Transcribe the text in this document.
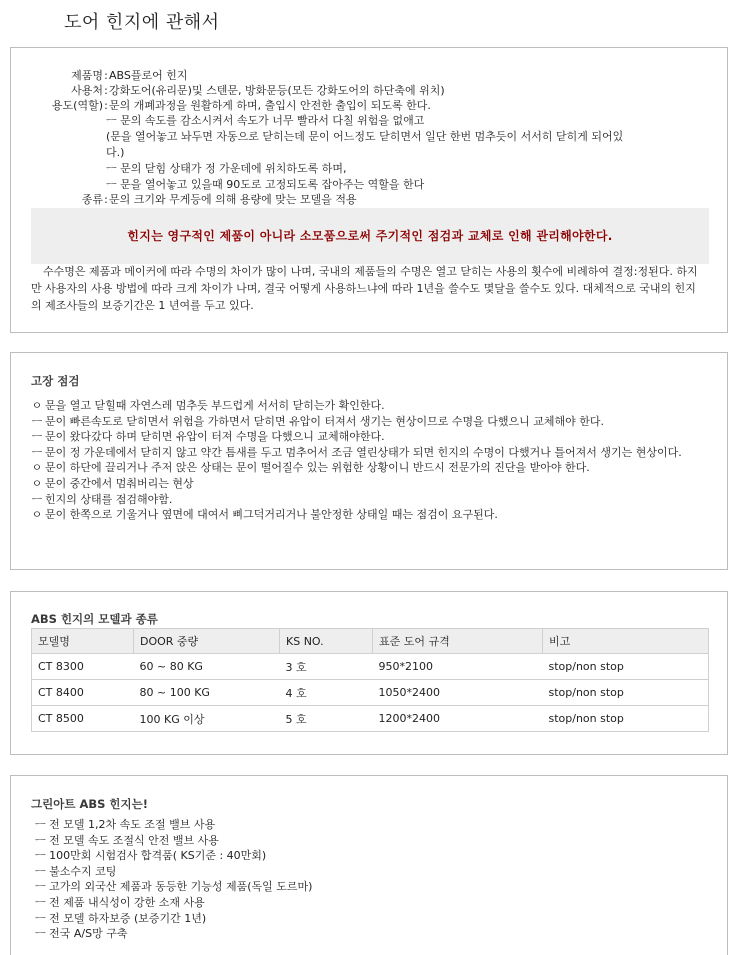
도어 힌지에 관해서
제품명:ABS플로어 힌지
사용처:강화도어(유리문)및 스텐문, 방화문등(모든 강화도어의 하단축에 위치)
용도(역할):문의 개폐과정을 원활하게 하며, 출입시 안전한 출입이 되도록 한다.
ㅡ 문의 속도를 감소시켜서 속도가 너무 빨라서 다칠 위험을 없애고
(문을 열어놓고 놔두면 자동으로 닫히는데 문이 어느정도 닫히면서 일단 한번 멈추듯이 서서히 닫히게 되어있
다.)
ㅡ 문의 닫힘 상태가 정 가운데에 위치하도록 하며,
ㅡ 문을 열어놓고 있을때 90도로 고정되도록 잡아주는 역할을 한다
종류:문의 크기와 무게등에 의해 용량에 맞는 모델을 적용
힌지는 영구적인 제품이 아니라 소모품으로써 주기적인 점검과 교체로 인해 관리해야한다.
수수명은 제품과 메이커에 따라 수명의 차이가 많이 나며, 국내의 제품들의 수명은 열고 닫히는 사용의 횟수에 비례하여 결정:정된다. 하지만 사용자의 사용 방법에 따라 크게 차이가 나며, 결국 어떻게 사용하느냐에 따라 1년을 쓸수도 몇달을 쓸수도 있다. 대체적으로 국내의 힌지의 제조사들의 보증기간은 1 년여를 두고 있다.
고장 점검
ㅇ 문을 열고 닫힐때 자연스레 멈추듯 부드럽게 서서히 닫히는가 확인한다.
ㅡ 문이 빠른속도로 닫히면서 위험을 가하면서 닫히면 유압이 터져서 생기는 현상이므로 수명을 다했으니 교체해야 한다.
ㅡ 문이 왔다갔다 하며 닫히면 유압이 터져 수명을 다했으니 교체해야한다.
ㅡ 문이 정 가운데에서 닫히지 않고 약간 틈새를 두고 멈추어서 조금 열린상태가 되면 힌지의 수명이 다했거나 틀어져서 생기는 현상이다.
ㅇ 문이 하단에 끌리거나 주저 앉은 상태는 문이 떨어질수 있는 위험한 상황이니 반드시 전문가의 진단을 받아야 한다.
ㅇ 문이 중간에서 멈춰버리는 현상
ㅡ 힌지의 상태를 점검해야함.
ㅇ 문이 한쪽으로 기울거나 옆면에 대여서 삐그덕거리거나 불안정한 상태일 때는 점검이 요구된다.
ABS 힌지의 모델과 종류
모델명	DOOR 중량	KS NO.	표준 도어 규격	비고
CT 8300	60 ~ 80 KG	3 호	950*2100	stop/non stop
CT 8400	80 ~ 100 KG	4 호	1050*2400	stop/non stop
CT 8500	100 KG 이상	5 호	1200*2400	stop/non stop
그린아트 ABS 힌지는!
ㅡ 전 모델 1,2차 속도 조절 밸브 사용
ㅡ 전 모델 속도 조절식 안전 밸브 사용
ㅡ 100만회 시험검사 합격품( KS기준 : 40만회)
ㅡ 불소수지 코팅
ㅡ 고가의 외국산 제품과 동등한 기능성 제품(독일 도르마)
ㅡ 전 제품 내식성이 강한 소재 사용
ㅡ 전 모델 하자보증 (보증기간 1년)
ㅡ 전국 A/S망 구축
